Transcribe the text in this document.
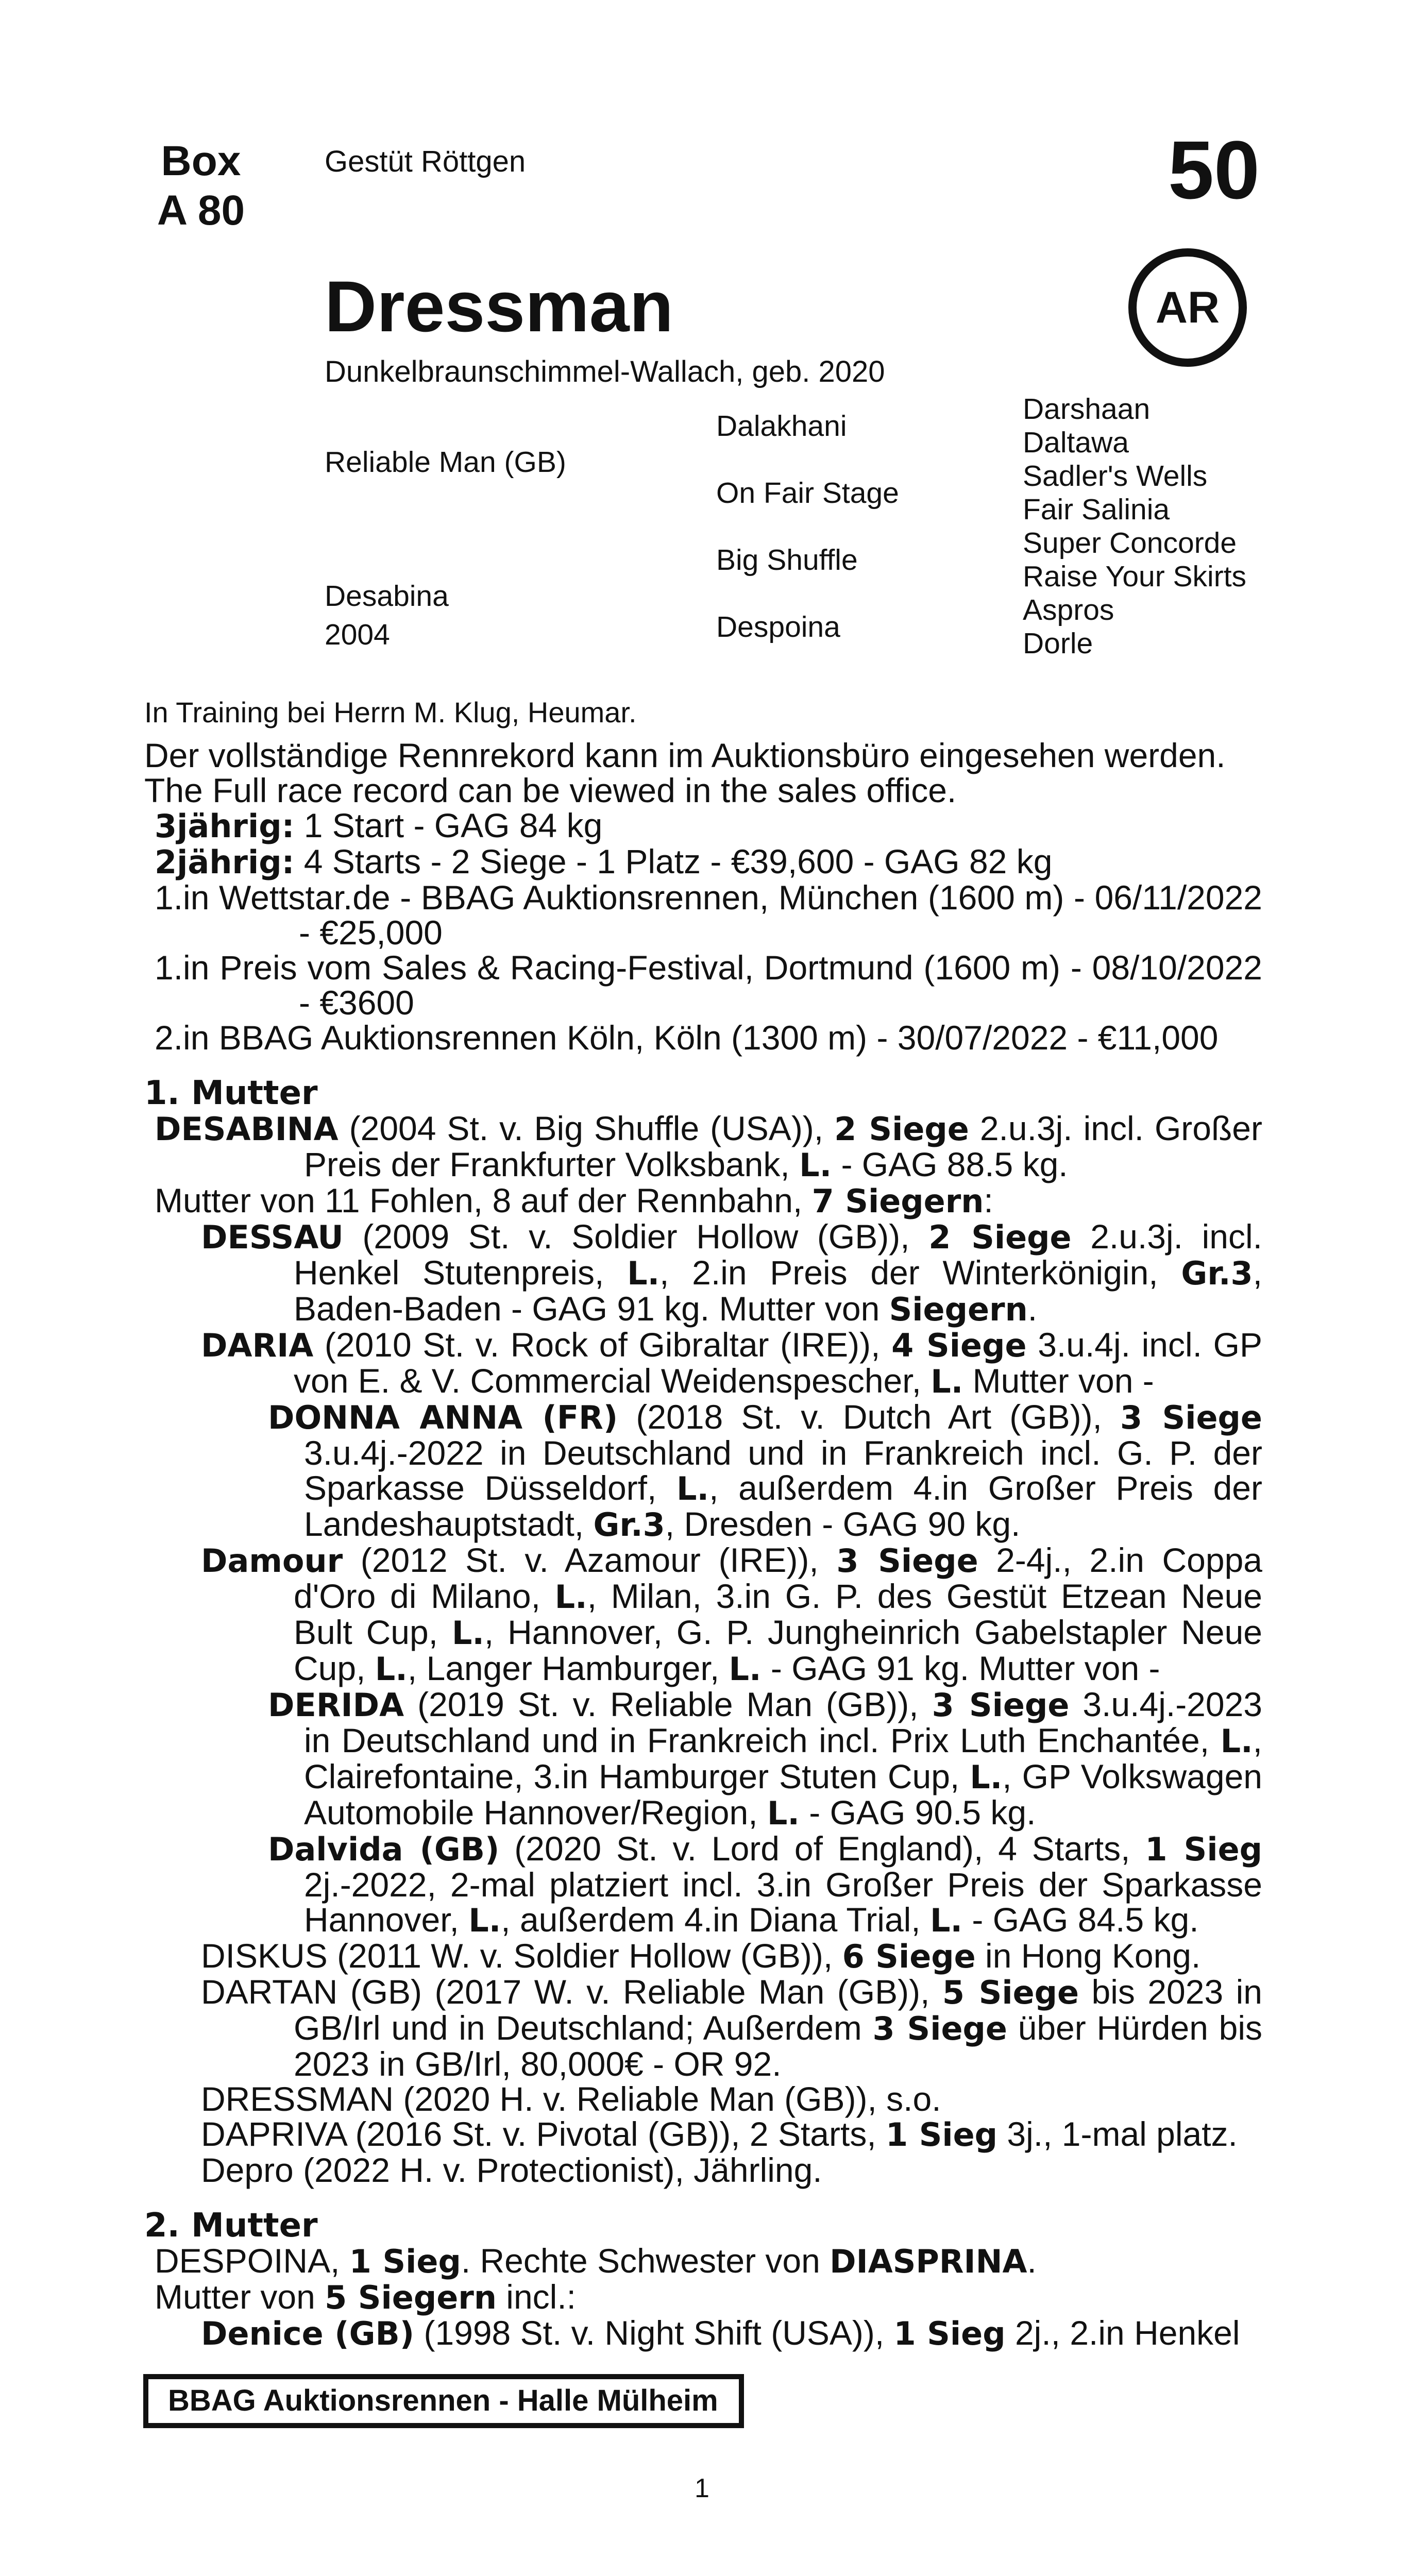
Box
A 80
Gestüt Röttgen	50
AR
Dressman
Dunkelbraunschimmel-Wallach, geb. 2020
Reliable Man (GB)
Desabina
2004
Dalakhani
On Fair Stage
Big Shuffle
Despoina
Darshaan
Daltawa
Sadler's Wells
Fair Salinia
Super Concorde
Raise Your Skirts
Aspros
Dorle
In Training bei Herrn M. Klug, Heumar.

Der vollständige Rennrekord kann im Auktionsbüro eingesehen werden.

The Full race record can be viewed in the sales office.

3jährig: 1 Start - GAG 84 kg

2jährig: 4 Starts - 2 Siege - 1 Platz - €39,600 - GAG 82 kg

1.in Wettstar.de - BBAG Auktionsrennen, München (1600 m) - 06/11/2022 - €25,000

1.in Preis vom Sales & Racing-Festival, Dortmund (1600 m) - 08/10/2022 - €3600

2.in BBAG Auktionsrennen Köln, Köln (1300 m) - 30/07/2022 - €11,000

1. Mutter

DESABINA (2004 St. v. Big Shuffle (USA)), 2 Siege 2.u.3j. incl. Großer Preis der Frankfurter Volksbank, L. - GAG 88.5 kg.

Mutter von 11 Fohlen, 8 auf der Rennbahn, 7 Siegern:

DESSAU (2009 St. v. Soldier Hollow (GB)), 2 Siege 2.u.3j. incl. Henkel Stutenpreis, L., 2.in Preis der Winterkönigin, Gr.3, Baden-Baden - GAG 91 kg. Mutter von Siegern.

DARIA (2010 St. v. Rock of Gibraltar (IRE)), 4 Siege 3.u.4j. incl. GP von E. & V. Commercial Weidenspescher, L. Mutter von -

DONNA ANNA (FR) (2018 St. v. Dutch Art (GB)), 3 Siege 3.u.4j.-2022 in Deutschland und in Frankreich incl. G. P. der Sparkasse Düsseldorf, L., außerdem 4.in Großer Preis der Landeshauptstadt, Gr.3, Dresden - GAG 90 kg.

Damour (2012 St. v. Azamour (IRE)), 3 Siege 2-4j., 2.in Coppa d'Oro di Milano, L., Milan, 3.in G. P. des Gestüt Etzean Neue Bult Cup, L., Hannover, G. P. Jungheinrich Gabelstapler Neue Cup, L., Langer Hamburger, L. - GAG 91 kg. Mutter von -

DERIDA (2019 St. v. Reliable Man (GB)), 3 Siege 3.u.4j.-2023 in Deutschland und in Frankreich incl. Prix Luth Enchantée, L., Clairefontaine, 3.in Hamburger Stuten Cup, L., GP Volkswagen Automobile Hannover/Region, L. - GAG 90.5 kg.

Dalvida (GB) (2020 St. v. Lord of England), 4 Starts, 1 Sieg 2j.-2022, 2-mal platziert incl. 3.in Großer Preis der Sparkasse Hannover, L., außerdem 4.in Diana Trial, L. - GAG 84.5 kg.

DISKUS (2011 W. v. Soldier Hollow (GB)), 6 Siege in Hong Kong.

DARTAN (GB) (2017 W. v. Reliable Man (GB)), 5 Siege bis 2023 in GB/Irl und in Deutschland; Außerdem 3 Siege über Hürden bis 2023 in GB/Irl, 80,000€ - OR 92.

DRESSMAN (2020 H. v. Reliable Man (GB)), s.o.

DAPRIVA (2016 St. v. Pivotal (GB)), 2 Starts, 1 Sieg 3j., 1-mal platz.

Depro (2022 H. v. Protectionist), Jährling.

2. Mutter

DESPOINA, 1 Sieg. Rechte Schwester von DIASPRINA.

Mutter von 5 Siegern incl.:

Denice (GB) (1998 St. v. Night Shift (USA)), 1 Sieg 2j., 2.in Henkel

BBAG Auktionsrennen - Halle Mülheim
1
